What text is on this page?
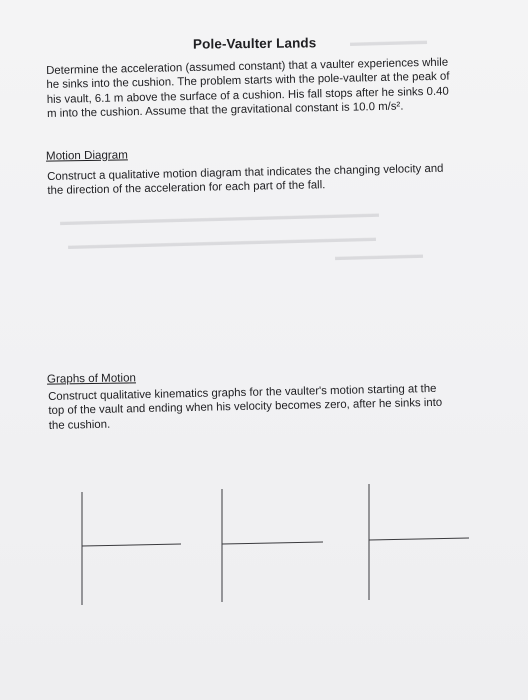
▬▬▬▬▬▬▬
▬▬▬▬▬▬▬▬▬▬▬▬▬▬▬▬▬▬▬▬▬▬▬▬▬▬▬▬▬
▬▬▬▬▬▬▬▬▬▬▬▬▬▬▬▬▬▬▬▬▬▬▬▬▬▬▬▬
▬▬▬▬▬▬▬▬
Pole-Vaulter Lands
Determine the acceleration (assumed constant) that a vaulter experiences while
he sinks into the cushion. The problem starts with the pole-vaulter at the peak of
his vault, 6.1 m above the surface of a cushion. His fall stops after he sinks 0.40
m into the cushion. Assume that the gravitational constant is 10.0 m/s².
Motion Diagram
Construct a qualitative motion diagram that indicates the changing velocity and
the direction of the acceleration for each part of the fall.
Graphs of Motion
Construct qualitative kinematics graphs for the vaulter's motion starting at the
top of the vault and ending when his velocity becomes zero, after he sinks into
the cushion.
